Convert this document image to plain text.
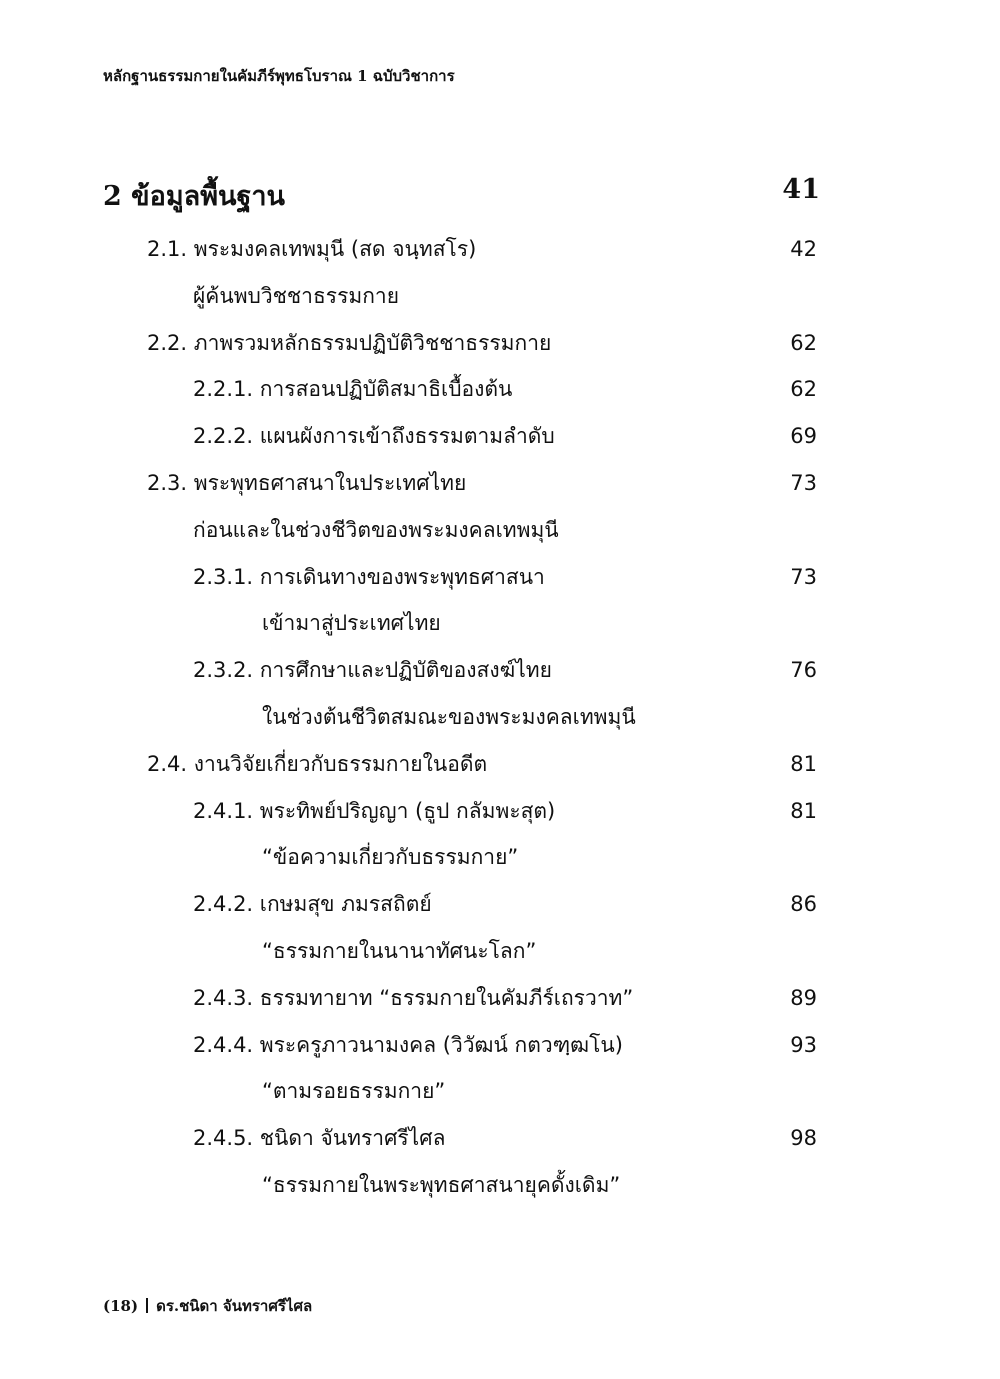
หลักฐานธรรมกายในคัมภีร์พุทธโบราณ 1 ฉบับวิชาการ
2 ข้อมูลพื้นฐาน	41
2.1. พระมงคลเทพมุนี (สด จนฺทสโร)	42
ผู้ค้นพบวิชชาธรรมกาย
2.2. ภาพรวมหลักธรรมปฏิบัติวิชชาธรรมกาย	62
2.2.1. การสอนปฏิบัติสมาธิเบื้องต้น	62
2.2.2. แผนผังการเข้าถึงธรรมตามลำดับ	69
2.3. พระพุทธศาสนาในประเทศไทย	73
ก่อนและในช่วงชีวิตของพระมงคลเทพมุนี
2.3.1. การเดินทางของพระพุทธศาสนา	73
เข้ามาสู่ประเทศไทย
2.3.2. การศึกษาและปฏิบัติของสงฆ์ไทย	76
ในช่วงต้นชีวิตสมณะของพระมงคลเทพมุนี
2.4. งานวิจัยเกี่ยวกับธรรมกายในอดีต	81
2.4.1. พระทิพย์ปริญญา (ธูป กลัมพะสุต)	81
“ข้อความเกี่ยวกับธรรมกาย”
2.4.2. เกษมสุข ภมรสถิตย์	86
“ธรรมกายในนานาทัศนะโลก”
2.4.3. ธรรมทายาท “ธรรมกายในคัมภีร์เถรวาท”	89
2.4.4. พระครูภาวนามงคล (วิวัฒน์ กตวฑฺฒโน)	93
“ตามรอยธรรมกาย”
2.4.5. ชนิดา จันทราศรีไศล	98
“ธรรมกายในพระพุทธศาสนายุคดั้งเดิม”
(18) ดร.ชนิดา จันทราศรีไศล
